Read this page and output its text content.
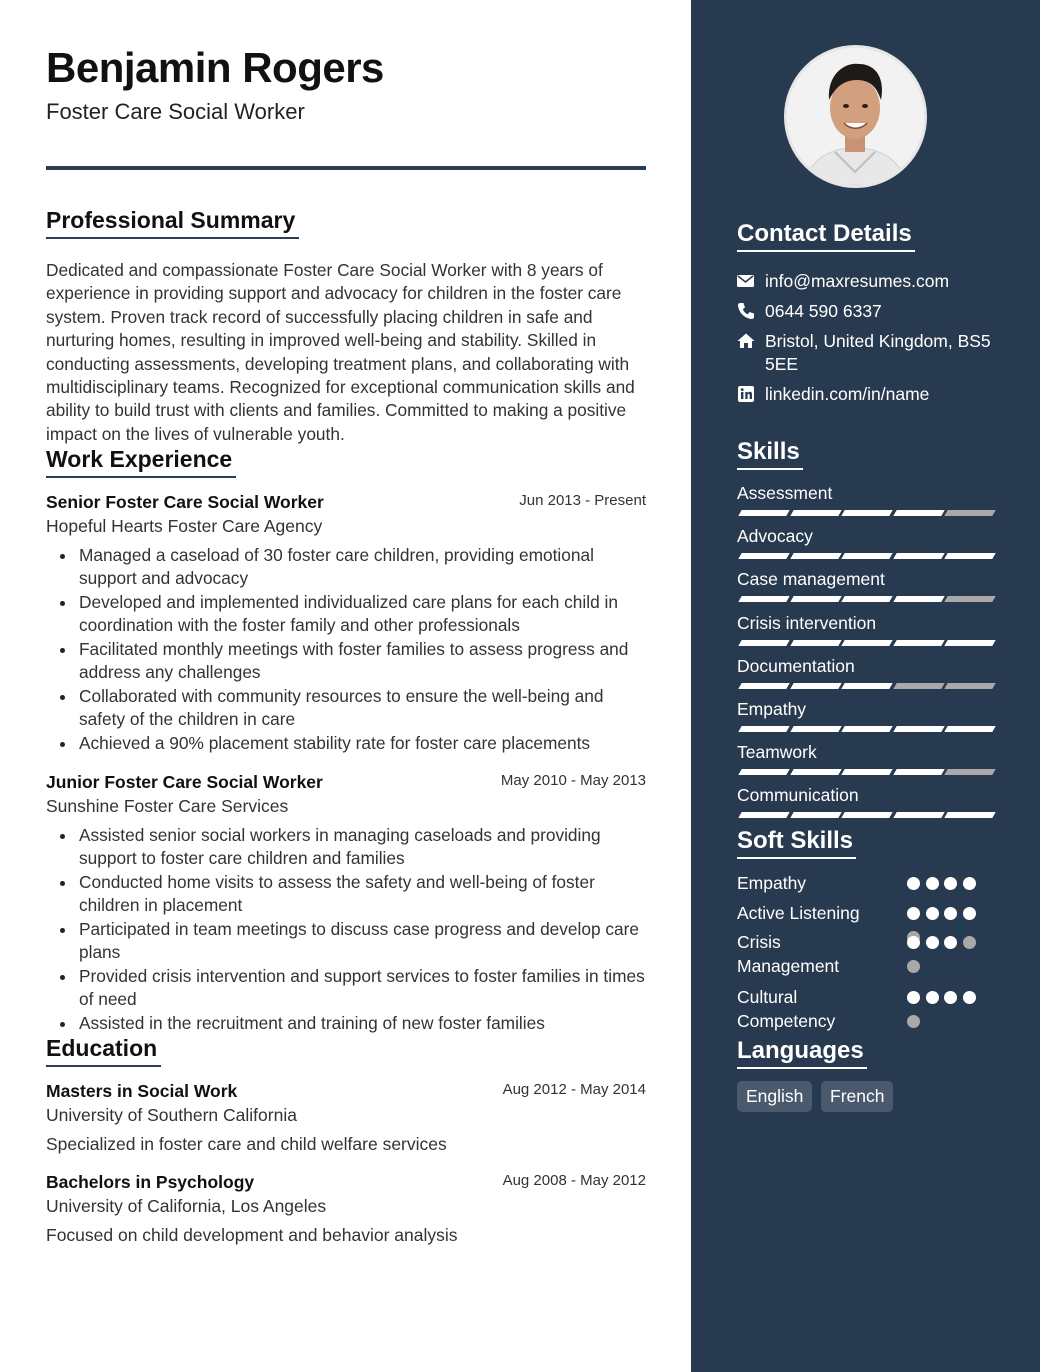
Benjamin Rogers
Foster Care Social Worker
Professional Summary
Dedicated and compassionate Foster Care Social Worker with 8 years of experience in providing support and advocacy for children in the foster care system. Proven track record of successfully placing children in safe and nurturing homes, resulting in improved well-being and stability. Skilled in conducting assessments, developing treatment plans, and collaborating with multidisciplinary teams. Recognized for exceptional communication skills and ability to build trust with clients and families. Committed to making a positive impact on the lives of vulnerable youth.
Work Experience
Senior Foster Care Social Worker	Jun 2013 - Present
Hopeful Hearts Foster Care Agency
Managed a caseload of 30 foster care children, providing emotional support and advocacy
Developed and implemented individualized care plans for each child in coordination with the foster family and other professionals
Facilitated monthly meetings with foster families to assess progress and address any challenges
Collaborated with community resources to ensure the well-being and safety of the children in care
Achieved a 90% placement stability rate for foster care placements
Junior Foster Care Social Worker	May 2010 - May 2013
Sunshine Foster Care Services
Assisted senior social workers in managing caseloads and providing support to foster care children and families
Conducted home visits to assess the safety and well-being of foster children in placement
Participated in team meetings to discuss case progress and develop care plans
Provided crisis intervention and support services to foster families in times of need
Assisted in the recruitment and training of new foster families
Education
Masters in Social Work	Aug 2012 - May 2014
University of Southern California
Specialized in foster care and child welfare services
Bachelors in Psychology	Aug 2008 - May 2012
University of California, Los Angeles
Focused on child development and behavior analysis
Contact Details
info@maxresumes.com
0644 590 6337
Bristol, United Kingdom, BS5 5EE
linkedin.com/in/name
Skills
Assessment
Advocacy
Case management
Crisis intervention
Documentation
Empathy
Teamwork
Communication
Soft Skills
Empathy
Active Listening
Crisis Management
Cultural Competency
Languages
English	French
